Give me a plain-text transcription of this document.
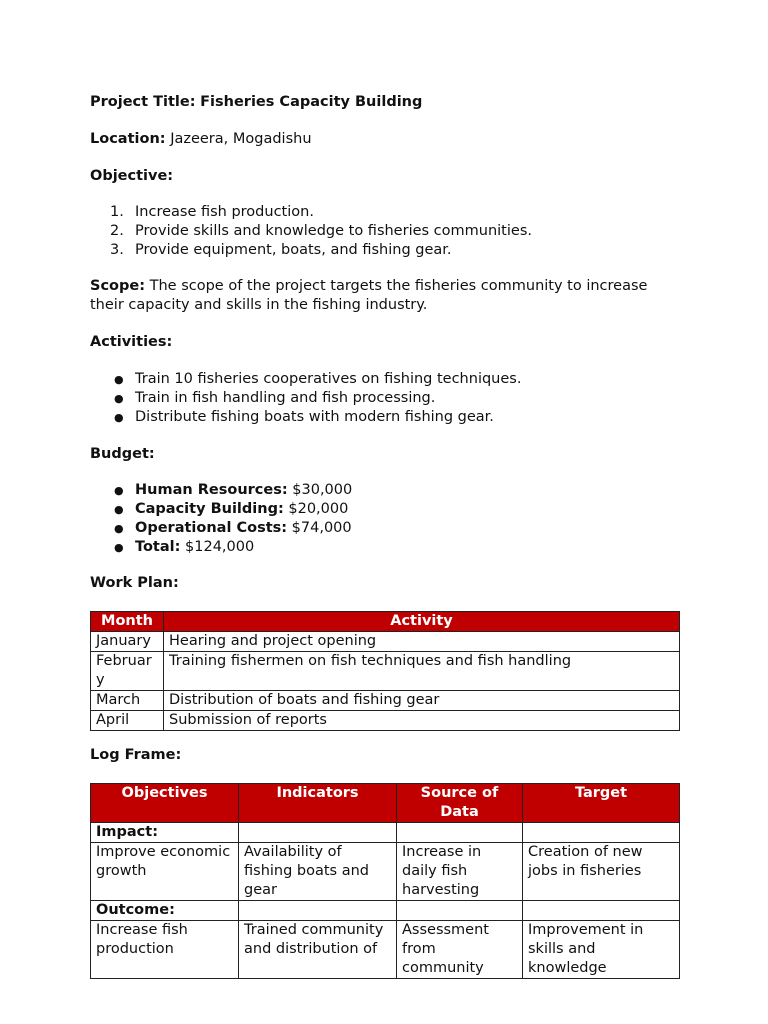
Project Title: Fisheries Capacity Building
Location: Jazeera, Mogadishu
Objective:
1. Increase fish production.
2. Provide skills and knowledge to fisheries communities.
3. Provide equipment, boats, and fishing gear.
Scope: The scope of the project targets the fisheries community to increase their capacity and skills in the fishing industry.
Activities:
● Train 10 fisheries cooperatives on fishing techniques.
● Train in fish handling and fish processing.
● Distribute fishing boats with modern fishing gear.
Budget:
● Human Resources: $30,000
● Capacity Building: $20,000
● Operational Costs: $74,000
● Total: $124,000
Work Plan:
Month	Activity
January	Hearing and project opening
Februar y	Training fishermen on fish techniques and fish handling
March	Distribution of boats and fishing gear
April	Submission of reports
Log Frame:
Objectives	Indicators	Source of Data	Target
Impact:			
Improve economic growth	Availability of fishing boats and gear	Increase in daily fish harvesting	Creation of new jobs in fisheries
Outcome:			
Increase fish production	Trained community and distribution of	Assessment from community	Improvement in skills and knowledge
